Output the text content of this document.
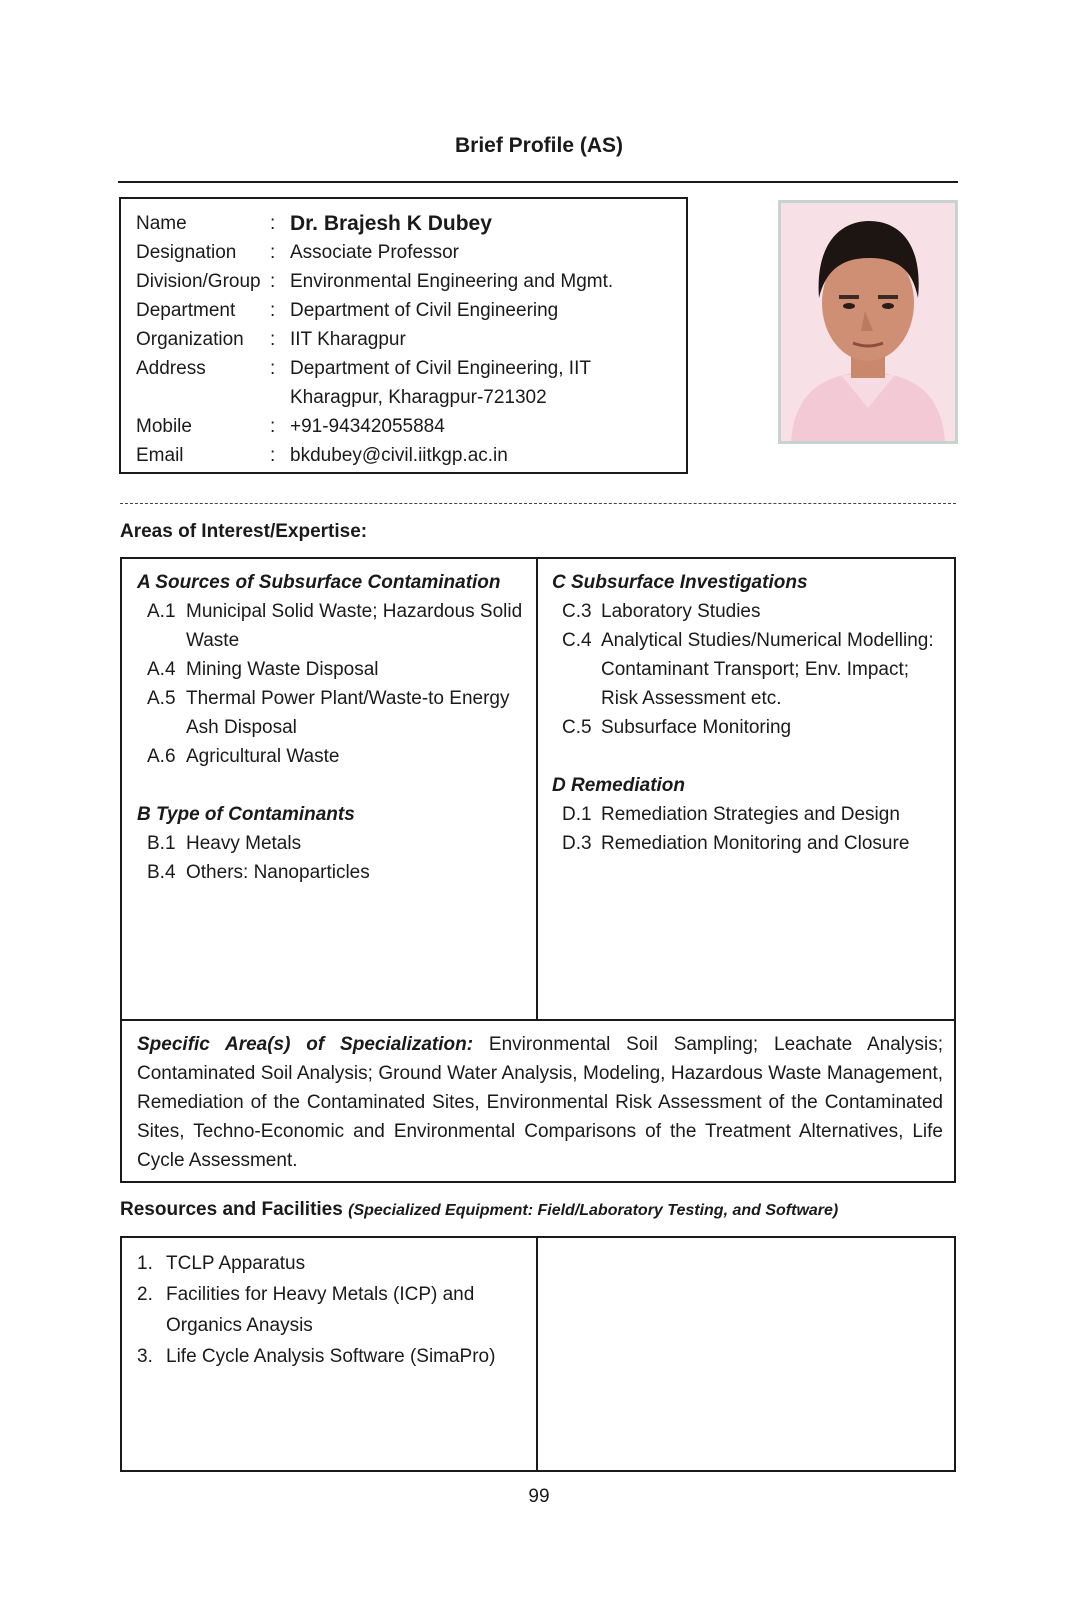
Brief Profile (AS)
Name	: Dr. Brajesh K Dubey
Designation	: Associate Professor
Division/Group : Environmental Engineering and Mgmt.
Department	: Department of Civil Engineering
Organization	: IIT Kharagpur
Address	: Department of Civil Engineering, IIT Kharagpur, Kharagpur-721302
Mobile	: +91-94342055884
Email	: bkdubey@civil.iitkgp.ac.in
Areas of Interest/Expertise:
A Sources of Subsurface Contamination
A.1 Municipal Solid Waste; Hazardous Solid Waste
A.4 Mining Waste Disposal
A.5 Thermal Power Plant/Waste-to Energy Ash Disposal
A.6 Agricultural Waste
B Type of Contaminants
B.1 Heavy Metals
B.4 Others: Nanoparticles
C Subsurface Investigations
C.3 Laboratory Studies
C.4 Analytical Studies/Numerical Modelling: Contaminant Transport; Env. Impact; Risk Assessment etc.
C.5 Subsurface Monitoring
D Remediation
D.1 Remediation Strategies and Design
D.3 Remediation Monitoring and Closure
Specific Area(s) of Specialization: Environmental Soil Sampling; Leachate Analysis; Contaminated Soil Analysis; Ground Water Analysis, Modeling, Hazardous Waste Management, Remediation of the Contaminated Sites, Environmental Risk Assessment of the Contaminated Sites, Techno-Economic and Environmental Comparisons of the Treatment Alternatives, Life Cycle Assessment.
Resources and Facilities (Specialized Equipment: Field/Laboratory Testing, and Software)
1. TCLP Apparatus
2. Facilities for Heavy Metals (ICP) and Organics Anaysis
3. Life Cycle Analysis Software (SimaPro)
99
